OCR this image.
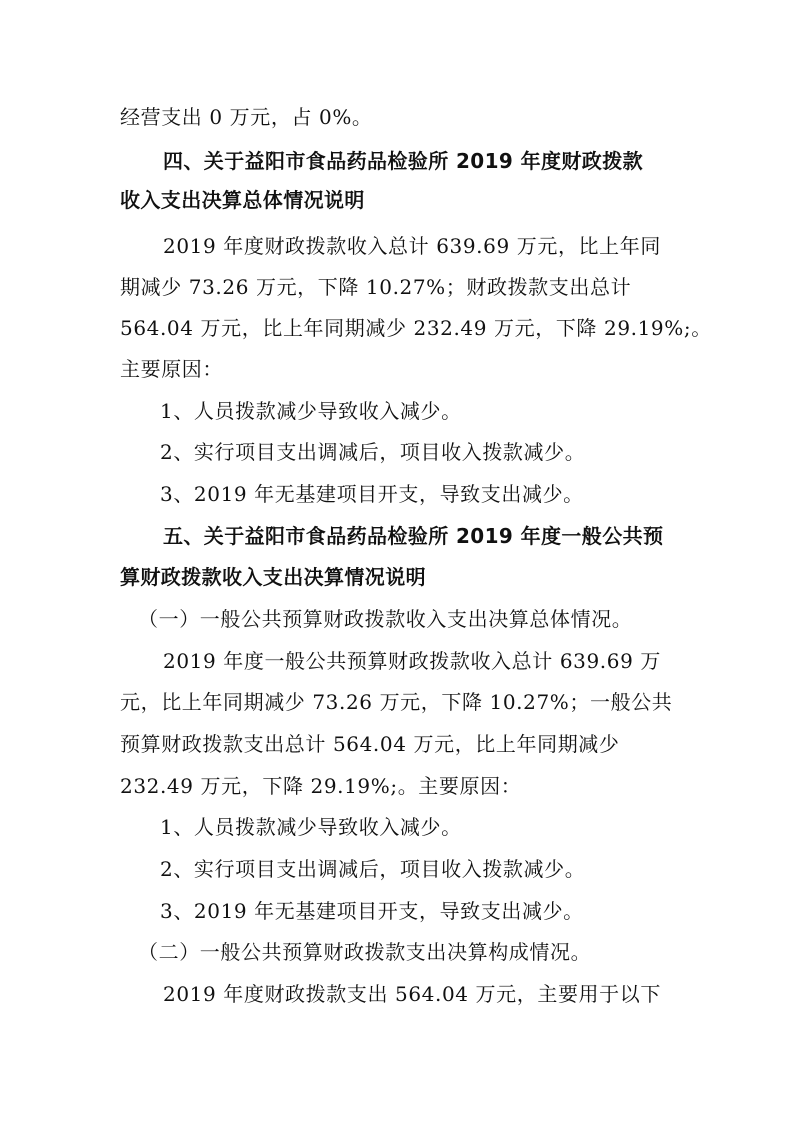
经营支出 0 万元，占 0%。
四、关于益阳市食品药品检验所 2019 年度财政拨款
收入支出决算总体情况说明
2019 年度财政拨款收入总计 639.69 万元，比上年同
期减少 73.26 万元，下降 10.27%；财政拨款支出总计
564.04 万元，比上年同期减少 232.49 万元，下降 29.19%;。
主要原因：
1、人员拨款减少导致收入减少。
2、实行项目支出调减后，项目收入拨款减少。
3、2019 年无基建项目开支，导致支出减少。
五、关于益阳市食品药品检验所 2019 年度一般公共预
算财政拨款收入支出决算情况说明
（一）一般公共预算财政拨款收入支出决算总体情况。
2019 年度一般公共预算财政拨款收入总计 639.69 万
元，比上年同期减少 73.26 万元，下降 10.27%；一般公共
预算财政拨款支出总计 564.04 万元，比上年同期减少
232.49 万元，下降 29.19%;。主要原因：
1、人员拨款减少导致收入减少。
2、实行项目支出调减后，项目收入拨款减少。
3、2019 年无基建项目开支，导致支出减少。
（二）一般公共预算财政拨款支出决算构成情况。
2019 年度财政拨款支出 564.04 万元，主要用于以下
